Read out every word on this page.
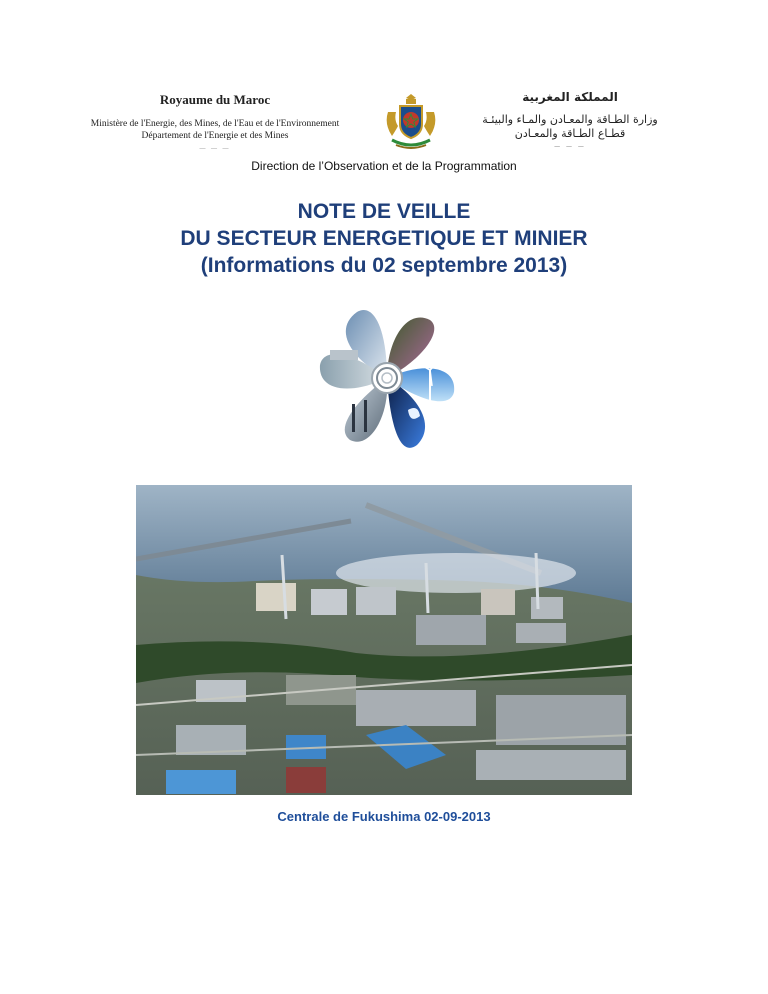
Royaume du Maroc
Ministère de l'Energie, des Mines, de l'Eau et de l'Environnement
Département de l'Energie et des Mines
— — —
المملكة المغربية
وزارة الطـاقة والمعـادن والمـاء والبيئـة
قطـاع الطـاقة والمعـادن
— — —
Direction de l’Observation et de la Programmation
NOTE DE VEILLE
DU SECTEUR ENERGETIQUE ET MINIER
(Informations du 02 septembre 2013)
Centrale de Fukushima 02-09-2013
